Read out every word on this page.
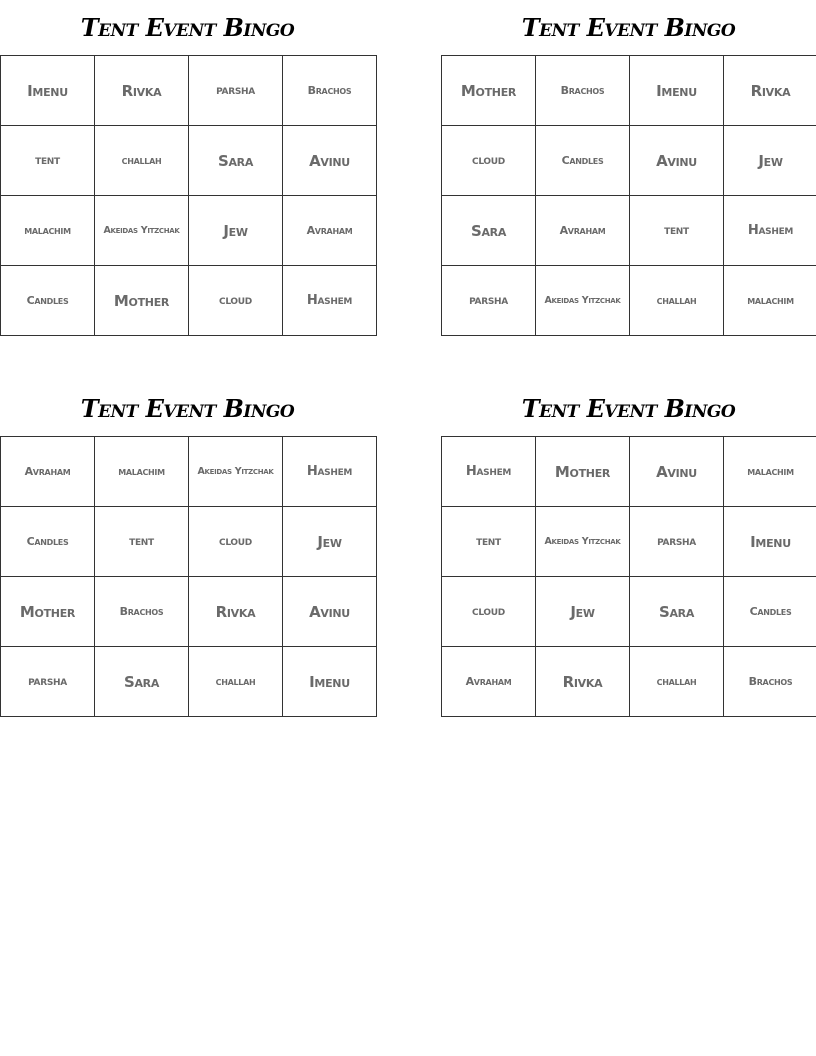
Tent Event Bingo
Imenu	Rivka	parsha	Brachos
tent	challah	Sara	Avinu
malachim	Akeidas Yitzchak	Jew	Avraham
Candles	Mother	cloud	Hashem
Tent Event Bingo
Mother	Brachos	Imenu	Rivka
cloud	Candles	Avinu	Jew
Sara	Avraham	tent	Hashem
parsha	Akeidas Yitzchak	challah	malachim
Tent Event Bingo
Avraham	malachim	Akeidas Yitzchak	Hashem
Candles	tent	cloud	Jew
Mother	Brachos	Rivka	Avinu
parsha	Sara	challah	Imenu
Tent Event Bingo
Hashem	Mother	Avinu	malachim
tent	Akeidas Yitzchak	parsha	Imenu
cloud	Jew	Sara	Candles
Avraham	Rivka	challah	Brachos
